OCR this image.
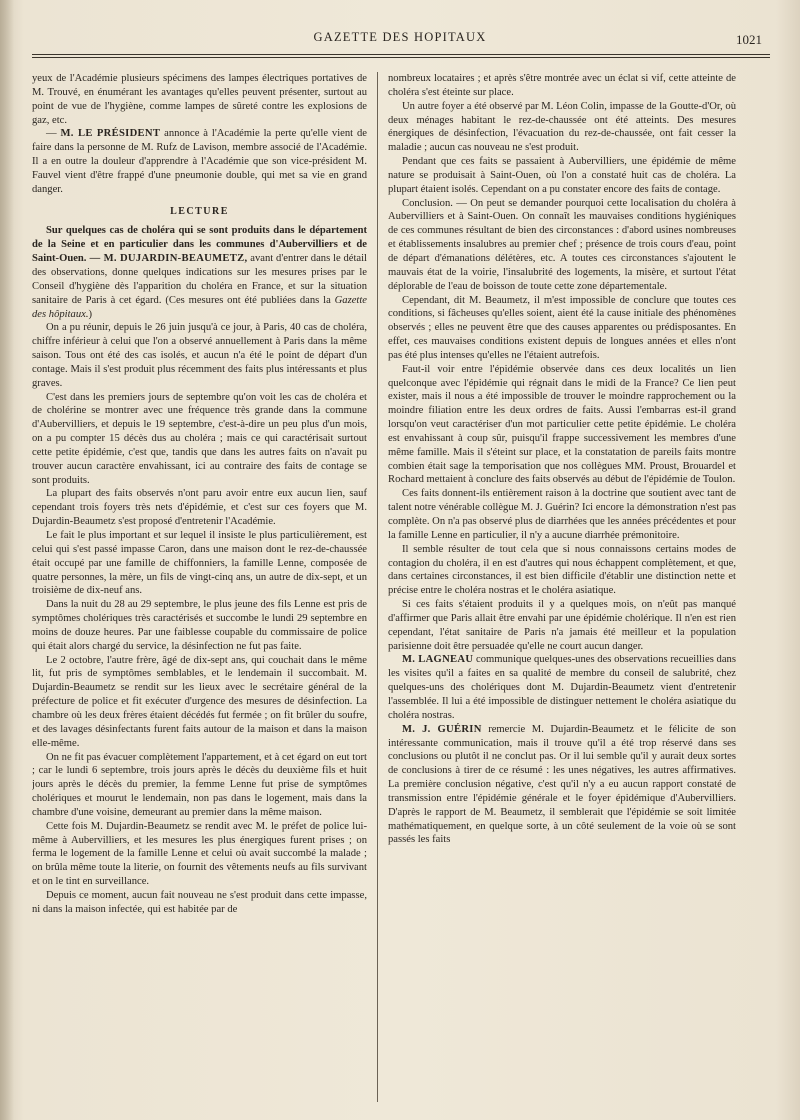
GAZETTE DES HOPITAUX	1021

yeux de l'Académie plusieurs spécimens des lampes électriques portatives de M. Trouvé, en énumérant les avantages qu'elles peuvent présenter, surtout au point de vue de l'hygiène, comme lampes de sûreté contre les explosions de gaz, etc.

— M. LE PRÉSIDENT annonce à l'Académie la perte qu'elle vient de faire dans la personne de M. Rufz de Lavison, membre associé de l'Académie. Il a en outre la douleur d'apprendre à l'Académie que son vice-président M. Fauvel vient d'être frappé d'une pneumonie double, qui met sa vie en grand danger.

LECTURE

Sur quelques cas de choléra qui se sont produits dans le département de la Seine et en particulier dans les communes d'Aubervilliers et de Saint-Ouen. — M. DUJARDIN-BEAUMETZ, avant d'entrer dans le détail des observations, donne quelques indications sur les mesures prises par le Conseil d'hygiène dès l'apparition du choléra en France, et sur la situation sanitaire de Paris à cet égard. (Ces mesures ont été publiées dans la Gazette des hôpitaux.)

On a pu réunir, depuis le 26 juin jusqu'à ce jour, à Paris, 40 cas de choléra, chiffre inférieur à celui que l'on a observé annuellement à Paris dans la même saison. Tous ont été des cas isolés, et aucun n'a été le point de départ d'un contage. Mais il s'est produit plus récemment des faits plus intéressants et plus graves.

C'est dans les premiers jours de septembre qu'on voit les cas de choléra et de cholérine se montrer avec une fréquence très grande dans la commune d'Aubervilliers, et depuis le 19 septembre, c'est-à-dire un peu plus d'un mois, on a pu compter 15 décès dus au choléra ; mais ce qui caractérisait surtout cette petite épidémie, c'est que, tandis que dans les autres faits on n'avait pu trouver aucun caractère envahissant, ici au contraire des faits de contage se sont produits.

La plupart des faits observés n'ont paru avoir entre eux aucun lien, sauf cependant trois foyers très nets d'épidémie, et c'est sur ces foyers que M. Dujardin-Beaumetz s'est proposé d'entretenir l'Académie.

Le fait le plus important et sur lequel il insiste le plus particulièrement, est celui qui s'est passé impasse Caron, dans une maison dont le rez-de-chaussée était occupé par une famille de chiffonniers, la famille Lenne, composée de quatre personnes, la mère, un fils de vingt-cinq ans, un autre de dix-sept, et un troisième de dix-neuf ans.

Dans la nuit du 28 au 29 septembre, le plus jeune des fils Lenne est pris de symptômes cholériques très caractérisés et succombe le lundi 29 septembre en moins de douze heures. Par une faiblesse coupable du commissaire de police qui était alors chargé du service, la désinfection ne fut pas faite.

Le 2 octobre, l'autre frère, âgé de dix-sept ans, qui couchait dans le même lit, fut pris de symptômes semblables, et le lendemain il succombait. M. Dujardin-Beaumetz se rendit sur les lieux avec le secrétaire général de la préfecture de police et fit exécuter d'urgence des mesures de désinfection. La chambre où les deux frères étaient décédés fut fermée ; on fit brûler du soufre, et des lavages désinfectants furent faits autour de la maison et dans la maison elle-même.

On ne fit pas évacuer complètement l'appartement, et à cet égard on eut tort ; car le lundi 6 septembre, trois jours après le décès du deuxième fils et huit jours après le décès du premier, la femme Lenne fut prise de symptômes cholériques et mourut le lendemain, non pas dans le logement, mais dans la chambre d'une voisine, demeurant au premier dans la même maison.

Cette fois M. Dujardin-Beaumetz se rendit avec M. le préfet de police lui-même à Aubervilliers, et les mesures les plus énergiques furent prises ; on ferma le logement de la famille Lenne et celui où avait succombé la malade ; on brûla même toute la literie, on fournit des vêtements neufs au fils survivant et on le tint en surveillance.

Depuis ce moment, aucun fait nouveau ne s'est produit dans cette impasse, ni dans la maison infectée, qui est habitée par de

nombreux locataires ; et après s'être montrée avec un éclat si vif, cette atteinte de choléra s'est éteinte sur place.

Un autre foyer a été observé par M. Léon Colin, impasse de la Goutte-d'Or, où deux ménages habitant le rez-de-chaussée ont été atteints. Des mesures énergiques de désinfection, l'évacuation du rez-de-chaussée, ont fait cesser la maladie ; aucun cas nouveau ne s'est produit.

Pendant que ces faits se passaient à Aubervilliers, une épidémie de même nature se produisait à Saint-Ouen, où l'on a constaté huit cas de choléra. La plupart étaient isolés. Cependant on a pu constater encore des faits de contage.

Conclusion. — On peut se demander pourquoi cette localisation du choléra à Aubervilliers et à Saint-Ouen. On connaît les mauvaises conditions hygiéniques de ces communes résultant de bien des circonstances : d'abord usines nombreuses et établissements insalubres au premier chef ; présence de trois cours d'eau, point de départ d'émanations délétères, etc. A toutes ces circonstances s'ajoutent le mauvais état de la voirie, l'insalubrité des logements, la misère, et surtout l'état déplorable de l'eau de boisson de toute cette zone départementale.

Cependant, dit M. Beaumetz, il m'est impossible de conclure que toutes ces conditions, si fâcheuses qu'elles soient, aient été la cause initiale des phénomènes observés ; elles ne peuvent être que des causes apparentes ou prédisposantes. En effet, ces mauvaises conditions existent depuis de longues années et elles n'ont pas été plus intenses qu'elles ne l'étaient autrefois.

Faut-il voir entre l'épidémie observée dans ces deux localités un lien quelconque avec l'épidémie qui régnait dans le midi de la France? Ce lien peut exister, mais il nous a été impossible de trouver le moindre rapprochement ou la moindre filiation entre les deux ordres de faits. Aussi l'embarras est-il grand lorsqu'on veut caractériser d'un mot particulier cette petite épidémie. Le choléra est envahissant à coup sûr, puisqu'il frappe successivement les membres d'une même famille. Mais il s'éteint sur place, et la constatation de pareils faits montre combien était sage la temporisation que nos collègues MM. Proust, Brouardel et Rochard mettaient à conclure des faits observés au début de l'épidémie de Toulon.

Ces faits donnent-ils entièrement raison à la doctrine que soutient avec tant de talent notre vénérable collègue M. J. Guérin? Ici encore la démonstration n'est pas complète. On n'a pas observé plus de diarrhées que les années précédentes et pour la famille Lenne en particulier, il n'y a aucune diarrhée prémonitoire.

Il semble résulter de tout cela que si nous connaissons certains modes de contagion du choléra, il en est d'autres qui nous échappent complètement, et que, dans certaines circonstances, il est bien difficile d'établir une distinction nette et précise entre le choléra nostras et le choléra asiatique.

Si ces faits s'étaient produits il y a quelques mois, on n'eût pas manqué d'affirmer que Paris allait être envahi par une épidémie cholérique. Il n'en est rien cependant, l'état sanitaire de Paris n'a jamais été meilleur et la population parisienne doit être persuadée qu'elle ne court aucun danger.

M. LAGNEAU communique quelques-unes des observations recueillies dans les visites qu'il a faites en sa qualité de membre du conseil de salubrité, chez quelques-uns des cholériques dont M. Dujardin-Beaumetz vient d'entretenir l'assemblée. Il lui a été impossible de distinguer nettement le choléra asiatique du choléra nostras.

M. J. GUÉRIN remercie M. Dujardin-Beaumetz et le félicite de son intéressante communication, mais il trouve qu'il a été trop réservé dans ses conclusions ou plutôt il ne conclut pas. Or il lui semble qu'il y aurait deux sortes de conclusions à tirer de ce résumé : les unes négatives, les autres affirmatives. La première conclusion négative, c'est qu'il n'y a eu aucun rapport constaté de transmission entre l'épidémie générale et le foyer épidémique d'Aubervilliers. D'après le rapport de M. Beaumetz, il semblerait que l'épidémie se soit limitée mathématiquement, en quelque sorte, à un côté seulement de la voie où se sont passés les faits
